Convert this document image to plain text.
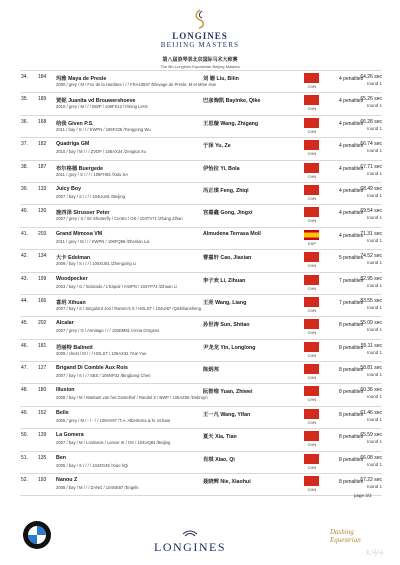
LONGINES
BEIJING MASTERS
第八届浪琴表北京国际马术大师赛
The 8th Longines Equestrian Beijing Masters
34.	184	玛雅 Maya de Presle
2000 / grey / M / Fox de la Hardiere / / / FRA43597 /Elevage de Presle, M et Mme Hue
刘 姗 Liu, Bilin
CHN
4 penalties
64.26 sec
round 1
35.	189	贾妮 Juanita vd Brouwershoeve
2010 / grey / M / / / BWP / 106FS12 /Yiming LIAN
巴彦淘凯 Bayinke, Qike
CHN
4 penalties
65.26 sec
round 1
36.	168	给我 Given P.S.
2011 / bay / S / / / KWPN / 106F225 /Fangyong Wu
王思璇 Wang, Zhigang
CHN
4 penalties
66.28 sec
round 1
37.	182	Quadriga GM
2010 / bay / M / / / ZVDP / 106AX34 /Zengkai Xu
于泽 Yu, Ze
CHN
4 penalties
66.74 sec
round 1
38.	187	布尔格德 Buergede
2011 / grey / S / / / / 106FH83 /Xulu SA
伊怡拉 Yi, Bola
CHN
4 penalties
67.71 sec
round 1
39.	133	Juicy Boy
2007 / bay / S / / / / 104UU81 /Beijing
冯正琪 Feng, Zhiqi
CHN
4 penalties
68.49 sec
round 1
40.	130	施西泽 Strusser Peter
2007 / grey / S / Sir Shutterfly / Centro / OS / 104TV71 /Zhang Zihan
宫嘉鑫 Gong, Jingxi
CHN
4 penalties
69.54 sec
round 1
41.	203	Grand Mimosa VM
2011 / grey / M / / / KWPN / 106FQ96 /Zhenlan Lai
Almudena Terrasa Moll
ESP
4 penalties
71.31 sec
round 1
42.	134	大卡 Edelman
2009 / bay / S / / / / 105XU81 /Zhengxing Li
曹嘉轩 Cao, Jiaxian
CHN
5 penalties
74.52 sec
round 1
43.	199	Woodpecker
2003 / bay / G / Indorado / L'Espoir / KWPN / 103YP72 /Zihuan Li
李子欢 Li, Zihuan
CHN
7 penalties
82.95 sec
round 1
44.	166	喜玥 Xihuan
2007 / bay / S / Singulord Joti / Ramiro's S / HOLST / 104UI67 /Qishiliansheng
王亮 Wang, Liang
CHN
7 penalties
83.55 sec
round 1
45.	202	Alcalar
2007 / grey / G / Armitage / / / 105DM81 /Anna Görgens
孙世涛 Sun, Shitao
CHN
8 penalties
55.09 sec
round 1
46.	181	芭丽特 Balinett
2009 / chest / M / / / HOLST / 106AX31 /Yue Yue
尹龙龙 Yin, Longlong
CHN
8 penalties
55.11 sec
round 1
47.	127	Brigand Di Comble Aux Rois
2007 / bay / S / / / SBS / 106NP32 /Bingbang Chen
陈炳邦
CHN
8 penalties
58.81 sec
round 1
48.	180	Illusion
2008 / bay / M / Warkant van het Gestelhof / Randel Z / BWP / 105AZ08 /Debruyn
阮智维 Yuan, Zhiwei
CHN
8 penalties
60.36 sec
round 1
49.	152	Belle
2005 / grey / M / - / - / / 105HV67 /T.A. Albertema & N. Schaar
王一凡 Wang, Yifan
CHN
8 penalties
61.46 sec
round 1
50.	139	La Gomera
2007 / bay / M / Lordanos / Lancer III / OS / 104UQ84 /Beijing
夏天 Xia, Tian
CHN
8 penalties
65.59 sec
round 1
51.	135	Ben
2005 / bay / S / / / / 104ZG45 /Xiao hQi
肖琪 Xiao, Qi
CHN
8 penalties
66.08 sec
round 1
52.	193	Nanou Z
2008 / bay / M / / / ZANG / 104NE87 /Engels
聂晓辉 Nie, Xiaohui
CHN
8 penalties
67.22 sec
round 1
page 3/3
LONGINES
Dashing
Equestrian
大马马
